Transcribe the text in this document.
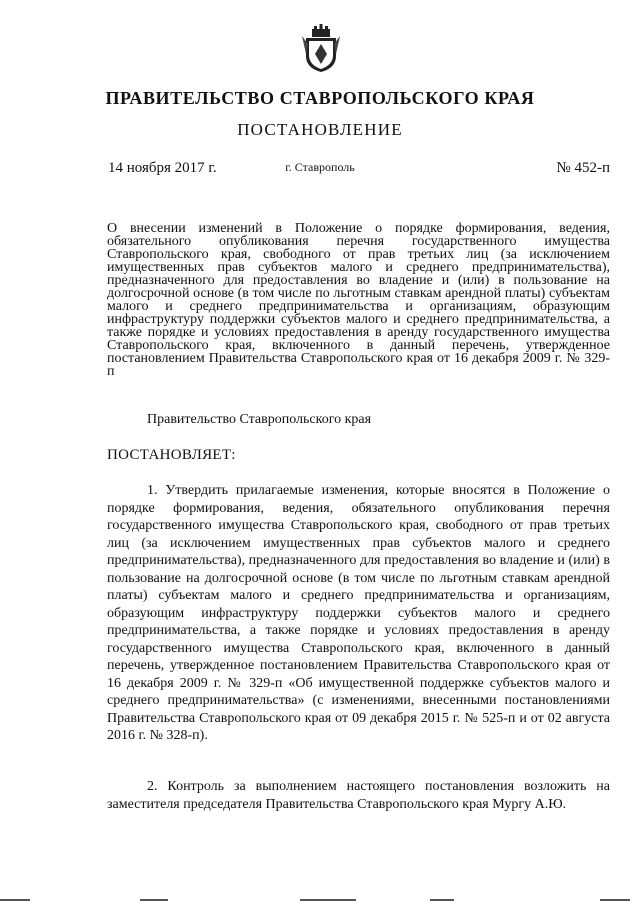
ПРАВИТЕЛЬСТВО СТАВРОПОЛЬСКОГО КРАЯ
ПОСТАНОВЛЕНИЕ
14 ноября 2017 г.	г. Ставрополь	№ 452-п
О внесении изменений в Положение о порядке формирования, ведения, обязательного опубликования перечня государственного имущества Ставропольского края, свободного от прав третьих лиц (за исключением имущественных прав субъектов малого и среднего предпринимательства), предназначенного для предоставления во владение и (или) в пользование на долгосрочной основе (в том числе по льготным ставкам арендной платы) субъектам малого и среднего предпринимательства и организациям, образующим инфраструктуру поддержки субъектов малого и среднего предпринимательства, а также порядке и условиях предоставления в аренду государственного имущества Ставропольского края, включенного в данный перечень, утвержденное постановлением Правительства Ставропольского края от 16 декабря 2009 г. № 329-п
Правительство Ставропольского края
ПОСТАНОВЛЯЕТ:
1. Утвердить прилагаемые изменения, которые вносятся в Положение о порядке формирования, ведения, обязательного опубликования перечня государственного имущества Ставропольского края, свободного от прав третьих лиц (за исключением имущественных прав субъектов малого и среднего предпринимательства), предназначенного для предоставления во владение и (или) в пользование на долгосрочной основе (в том числе по льготным ставкам арендной платы) субъектам малого и среднего предпринимательства и организациям, образующим инфраструктуру поддержки субъектов малого и среднего предпринимательства, а также порядке и условиях предоставления в аренду государственного имущества Ставропольского края, включенного в данный перечень, утвержденное постановлением Правительства Ставропольского края от 16 декабря 2009 г. № 329-п «Об имущественной поддержке субъектов малого и среднего предпринимательства» (с изменениями, внесенными постановлениями Правительства Ставропольского края от 09 декабря 2015 г. № 525-п и от 02 августа 2016 г. № 328-п).
2. Контроль за выполнением настоящего постановления возложить на заместителя председателя Правительства Ставропольского края Мургу А.Ю.
